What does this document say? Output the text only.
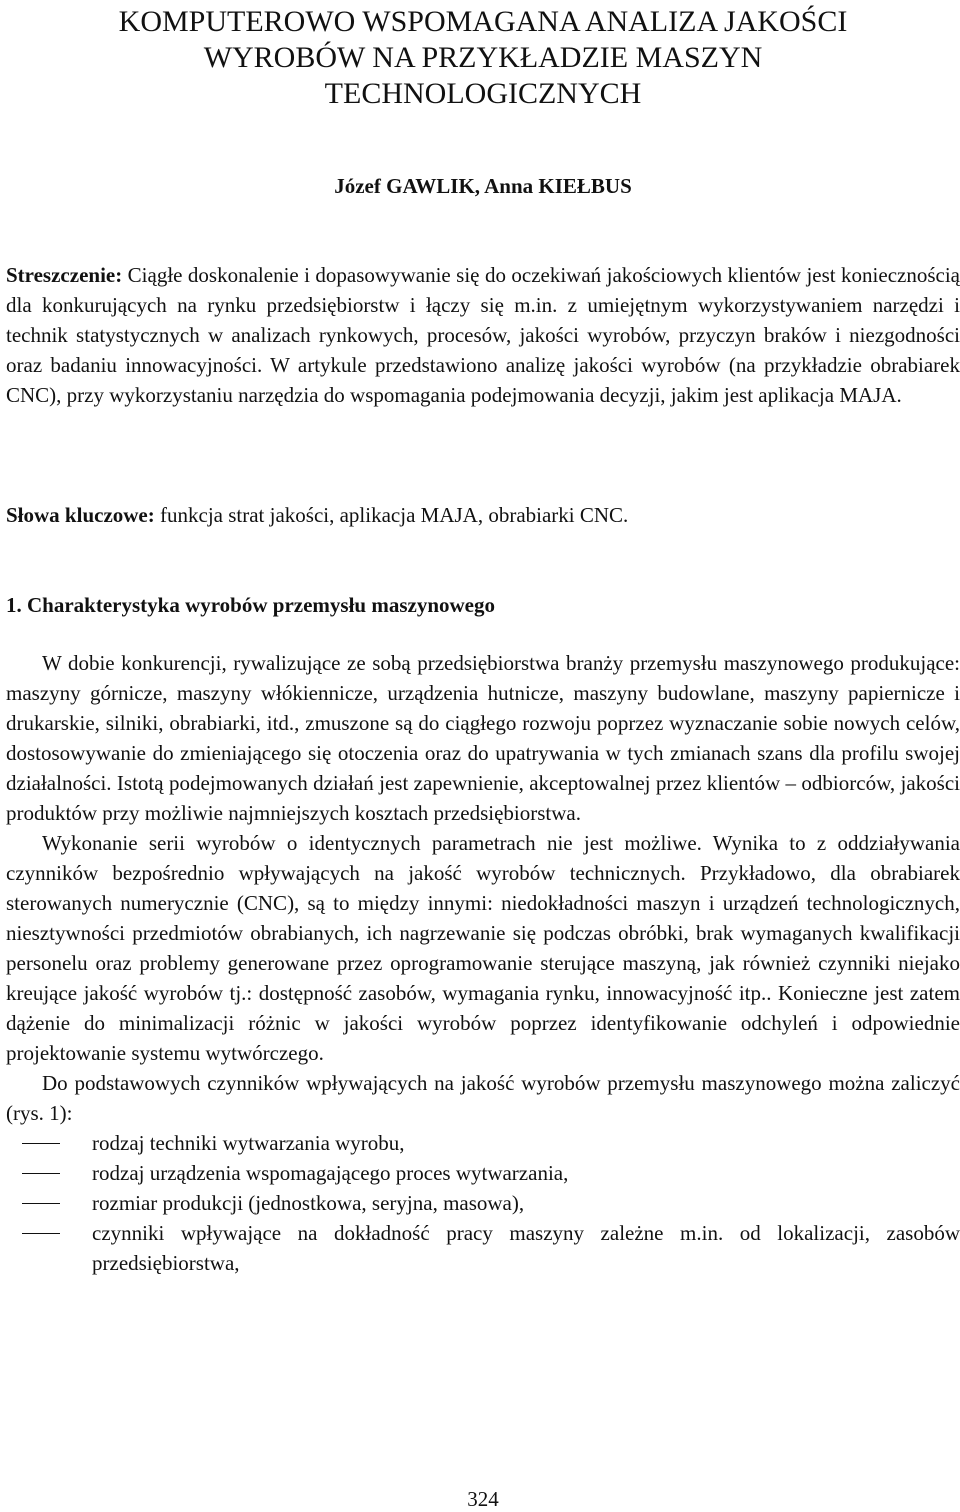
KOMPUTEROWO WSPOMAGANA ANALIZA JAKOŚCI
WYROBÓW NA PRZYKŁADZIE MASZYN
TECHNOLOGICZNYCH
Józef GAWLIK, Anna KIEŁBUS

Streszczenie: Ciągłe doskonalenie i dopasowywanie się do oczekiwań jakościowych klientów jest koniecznością dla konkurujących na rynku przedsiębiorstw i łączy się m.in. z umiejętnym wykorzystywaniem narzędzi i technik statystycznych w analizach rynkowych, procesów, jakości wyrobów, przyczyn braków i niezgodności oraz badaniu innowacyjności. W artykule przedstawiono analizę jakości wyrobów (na przykładzie obrabiarek CNC), przy wykorzystaniu narzędzia do wspomagania podejmowania decyzji, jakim jest aplikacja MAJA.

Słowa kluczowe: funkcja strat jakości, aplikacja MAJA, obrabiarki CNC.

1. Charakterystyka wyrobów przemysłu maszynowego

W dobie konkurencji, rywalizujące ze sobą przedsiębiorstwa branży przemysłu maszynowego produkujące: maszyny górnicze, maszyny włókiennicze, urządzenia hutnicze, maszyny budowlane, maszyny papiernicze i drukarskie, silniki, obrabiarki, itd., zmuszone są do ciągłego rozwoju poprzez wyznaczanie sobie nowych celów, dostosowywanie do zmieniającego się otoczenia oraz do upatrywania w tych zmianach szans dla profilu swojej działalności. Istotą podejmowanych działań jest zapewnienie, akceptowalnej przez klientów – odbiorców, jakości produktów przy możliwie najmniejszych kosztach przedsiębiorstwa.

Wykonanie serii wyrobów o identycznych parametrach nie jest możliwe. Wynika to z oddziaływania czynników bezpośrednio wpływających na jakość wyrobów technicznych. Przykładowo, dla obrabiarek sterowanych numerycznie (CNC), są to między innymi: niedokładności maszyn i urządzeń technologicznych, niesztywności przedmiotów obrabianych, ich nagrzewanie się podczas obróbki, brak wymaganych kwalifikacji personelu oraz problemy generowane przez oprogramowanie sterujące maszyną, jak również czynniki niejako kreujące jakość wyrobów tj.: dostępność zasobów, wymagania rynku, innowacyjność itp.. Konieczne jest zatem dążenie do minimalizacji różnic w jakości wyrobów poprzez identyfikowanie odchyleń i odpowiednie projektowanie systemu wytwórczego.

Do podstawowych czynników wpływających na jakość wyrobów przemysłu maszynowego można zaliczyć (rys. 1):

rodzaj techniki wytwarzania wyrobu,
rodzaj urządzenia wspomagającego proces wytwarzania,
rozmiar produkcji (jednostkowa, seryjna, masowa),
czynniki wpływające na dokładność pracy maszyny zależne m.in. od lokalizacji, zasobów przedsiębiorstwa,
324
